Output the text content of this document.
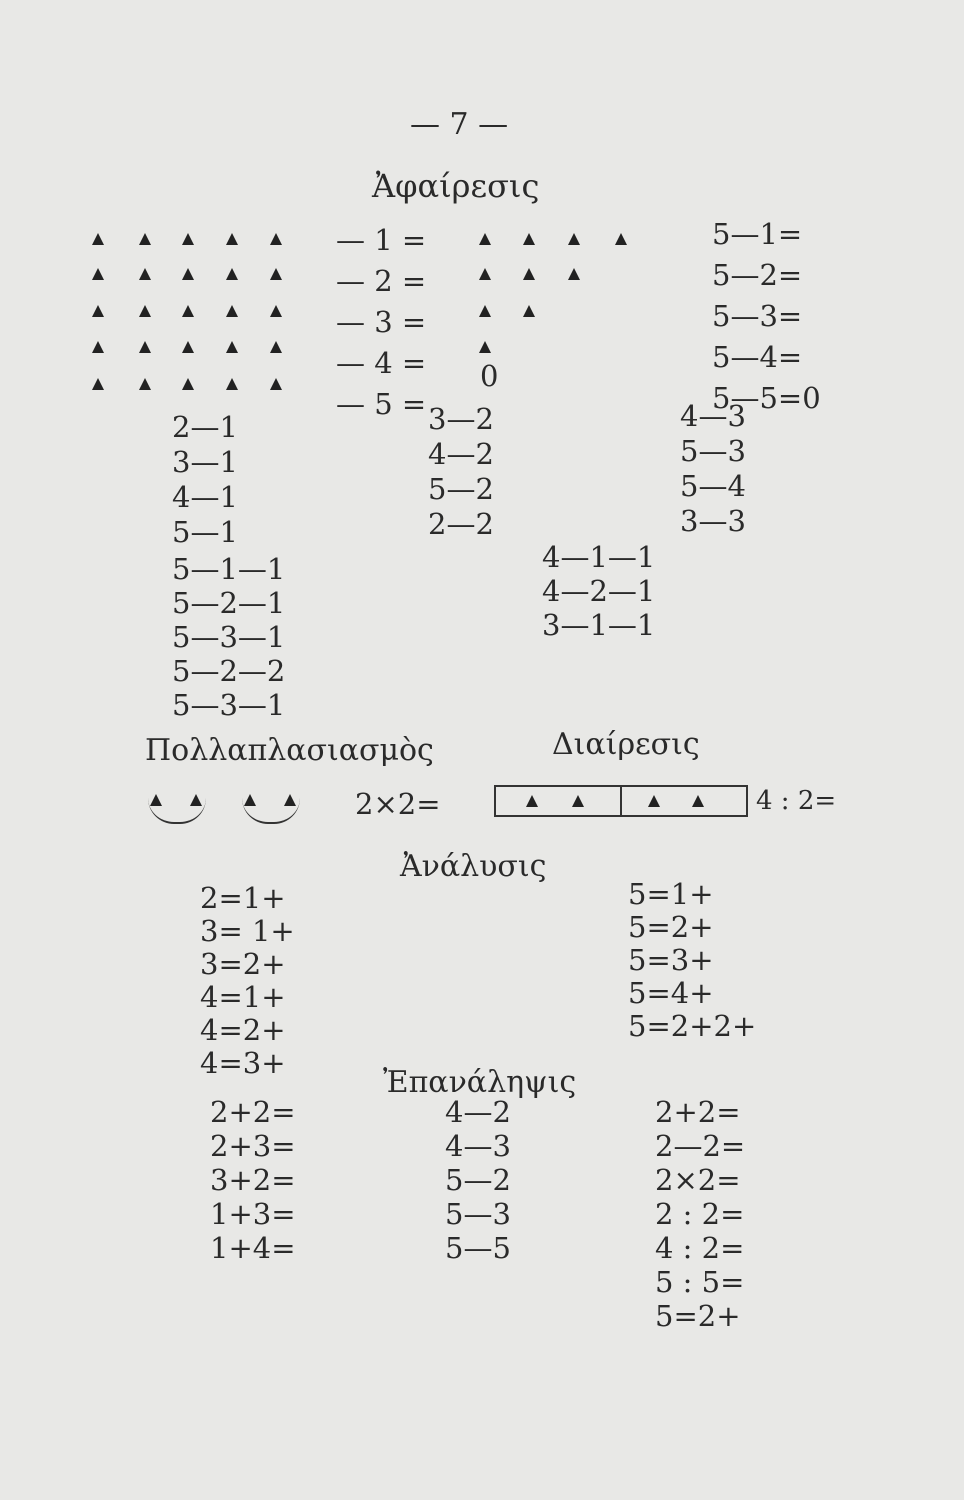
— 7 —
Ἀφαίρεσις
— 1 =
— 2 =
— 3 =
— 4 =
— 5 =
0
5—1=
5—2=
5—3=
5—4=
5—5=0
2—1
3—1
4—1
5—1
3—2
4—2
5—2
2—2
4—3
5—3
5—4
3—3
5—1—1
5—2—1
5—3—1
5—2—2
5—3—1
4—1—1
4—2—1
3—1—1
Πολλαπλασιασμὸς	Διαίρεσις
2×2=	4 : 2=
Ἀνάλυσις
2=1+
3= 1+
3=2+
4=1+
4=2+
4=3+
5=1+
5=2+
5=3+
5=4+
5=2+2+
Ἐπανάληψις
2+2=
2+3=
3+2=
1+3=
1+4=
4—2
4—3
5—2
5—3
5—5
2+2=
2—2=
2×2=
2 : 2=
4 : 2=
5 : 5=
5=2+
